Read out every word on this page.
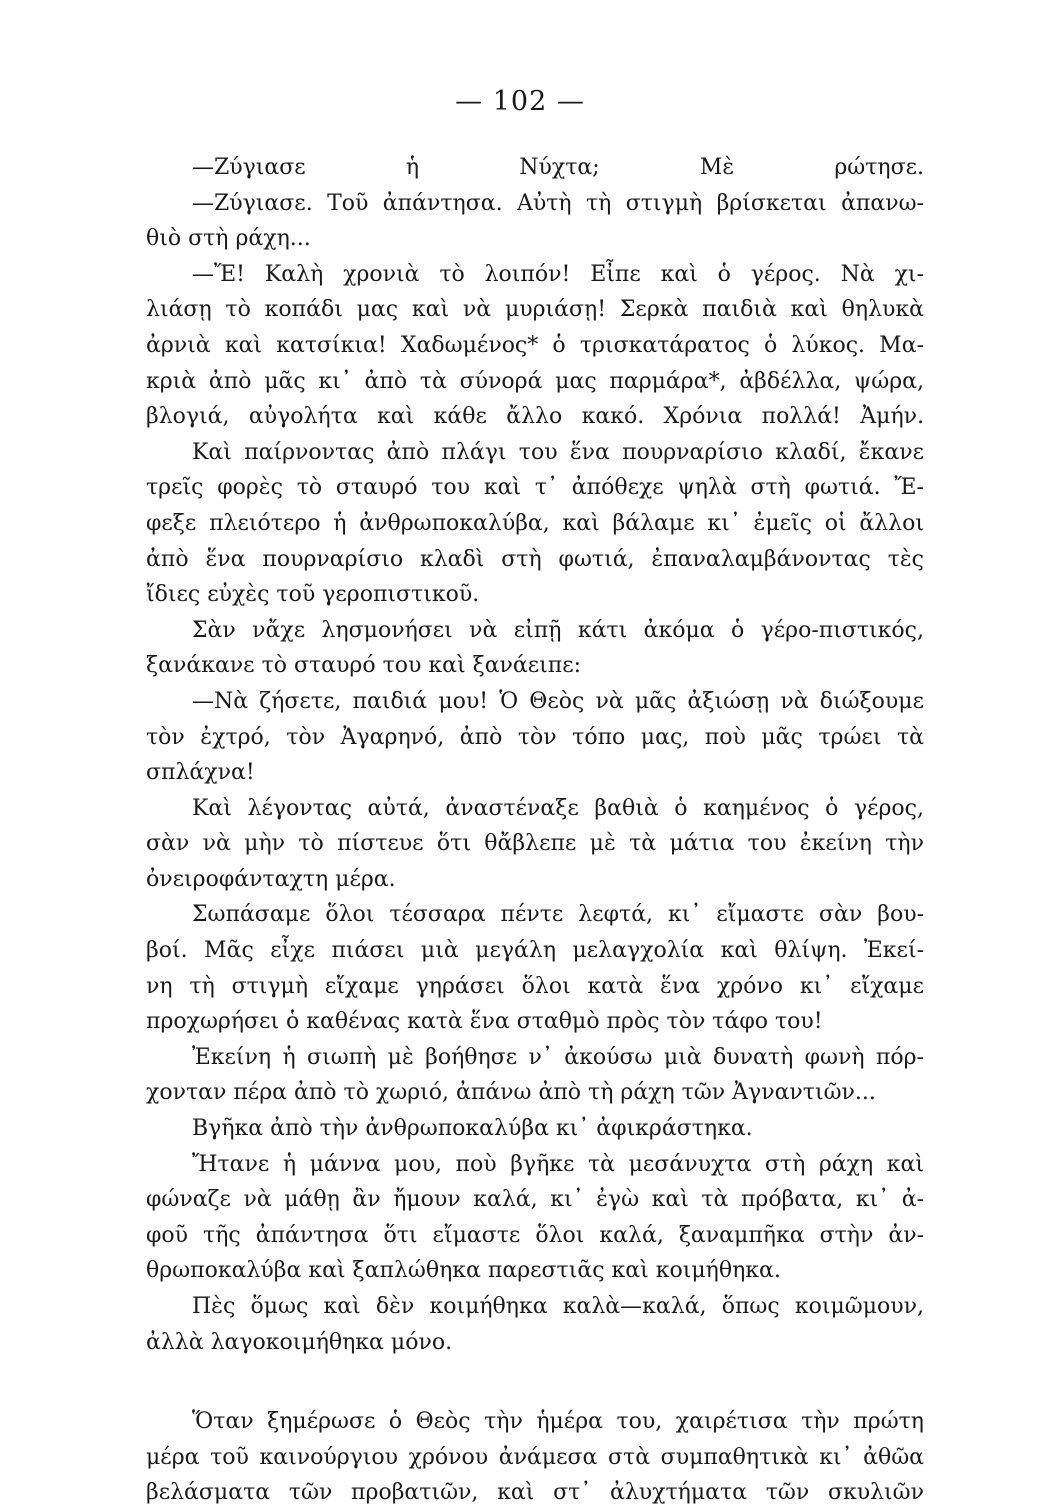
— 102 —
—Ζύγιασε ἡ Νύχτα; Μὲ ρώτησε.
—Ζύγιασε. Τοῦ ἀπάντησα. Αὐτὴ τὴ στιγμὴ βρίσκεται ἀπανω-
θιὸ στὴ ράχη...
—Ἔ! Καλὴ χρονιὰ τὸ λοιπόν! Εἶπε καὶ ὁ γέρος. Νὰ χι-
λιάσῃ τὸ κοπάδι μας καὶ νὰ μυριάσῃ! Σερκὰ παιδιὰ καὶ θηλυκὰ
ἀρνιὰ καὶ κατσίκια! Χαδωμένος* ὁ τρισκατάρατος ὁ λύκος. Μα-
κριὰ ἀπὸ μᾶς κι᾿ ἀπὸ τὰ σύνορά μας παρμάρα*, ἀβδέλλα, ψώρα,
βλογιά, αὐγολήτα καὶ κάθε ἄλλο κακό. Χρόνια πολλά! Ἀμήν.
Καὶ παίρνοντας ἀπὸ πλάγι του ἕνα πουρναρίσιο κλαδί, ἔκανε
τρεῖς φορὲς τὸ σταυρό του καὶ τ᾿ ἀπόθεχε ψηλὰ στὴ φωτιά. Ἔ-
φεξε πλειότερο ἡ ἀνθρωποκαλύβα, καὶ βάλαμε κι᾿ ἐμεῖς οἱ ἄλλοι
ἀπὸ ἕνα πουρναρίσιο κλαδὶ στὴ φωτιά, ἐπαναλαμβάνοντας τὲς
ἴδιες εὐχὲς τοῦ γεροπιστικοῦ.
Σὰν νἄχε λησμονήσει νὰ εἰπῇ κάτι ἀκόμα ὁ γέρο-πιστικός,
ξανάκανε τὸ σταυρό του καὶ ξανάειπε:
—Νὰ ζήσετε, παιδιά μου! Ὁ Θεὸς νὰ μᾶς ἀξιώσῃ νὰ διώξουμε
τὸν ἐχτρό, τὸν Ἀγαρηνό, ἀπὸ τὸν τόπο μας, ποὺ μᾶς τρώει τὰ
σπλάχνα!
Καὶ λέγοντας αὐτά, ἀναστέναξε βαθιὰ ὁ καημένος ὁ γέρος,
σὰν νὰ μὴν τὸ πίστευε ὅτι θἄβλεπε μὲ τὰ μάτια του ἐκείνη τὴν
ὀνειροφάνταχτη μέρα.
Σωπάσαμε ὅλοι τέσσαρα πέντε λεφτά, κι᾿ εἴμαστε σὰν βου-
βοί. Μᾶς εἶχε πιάσει μιὰ μεγάλη μελαγχολία καὶ θλίψη. Ἐκεί-
νη τὴ στιγμὴ εἴχαμε γηράσει ὅλοι κατὰ ἕνα χρόνο κι᾿ εἴχαμε
προχωρήσει ὁ καθένας κατὰ ἕνα σταθμὸ πρὸς τὸν τάφο του!
Ἐκείνη ἡ σιωπὴ μὲ βοήθησε ν᾿ ἀκούσω μιὰ δυνατὴ φωνὴ πόρ-
χονταν πέρα ἀπὸ τὸ χωριό, ἀπάνω ἀπὸ τὴ ράχη τῶν Ἀγναντιῶν...
Βγῆκα ἀπὸ τὴν ἀνθρωποκαλύβα κι᾿ ἀφικράστηκα.
Ἤτανε ἡ μάννα μου, ποὺ βγῆκε τὰ μεσάνυχτα στὴ ράχη καὶ
φώναζε νὰ μάθῃ ἂν ἤμουν καλά, κι᾿ ἐγὼ καὶ τὰ πρόβατα, κι᾿ ἀ-
φοῦ τῆς ἀπάντησα ὅτι εἴμαστε ὅλοι καλά, ξαναμπῆκα στὴν ἀν-
θρωποκαλύβα καὶ ξαπλώθηκα παρεστιᾶς καὶ κοιμήθηκα.
Πὲς ὅμως καὶ δὲν κοιμήθηκα καλὰ—καλά, ὅπως κοιμῶμουν,
ἀλλὰ λαγοκοιμήθηκα μόνο.
Ὅταν ξημέρωσε ὁ Θεὸς τὴν ἡμέρα του, χαιρέτισα τὴν πρώτη
μέρα τοῦ καινούργιου χρόνου ἀνάμεσα στὰ συμπαθητικὰ κι᾿ ἀθῶα
βελάσματα τῶν προβατιῶν, καὶ στ᾿ ἀλυχτήματα τῶν σκυλιῶν
